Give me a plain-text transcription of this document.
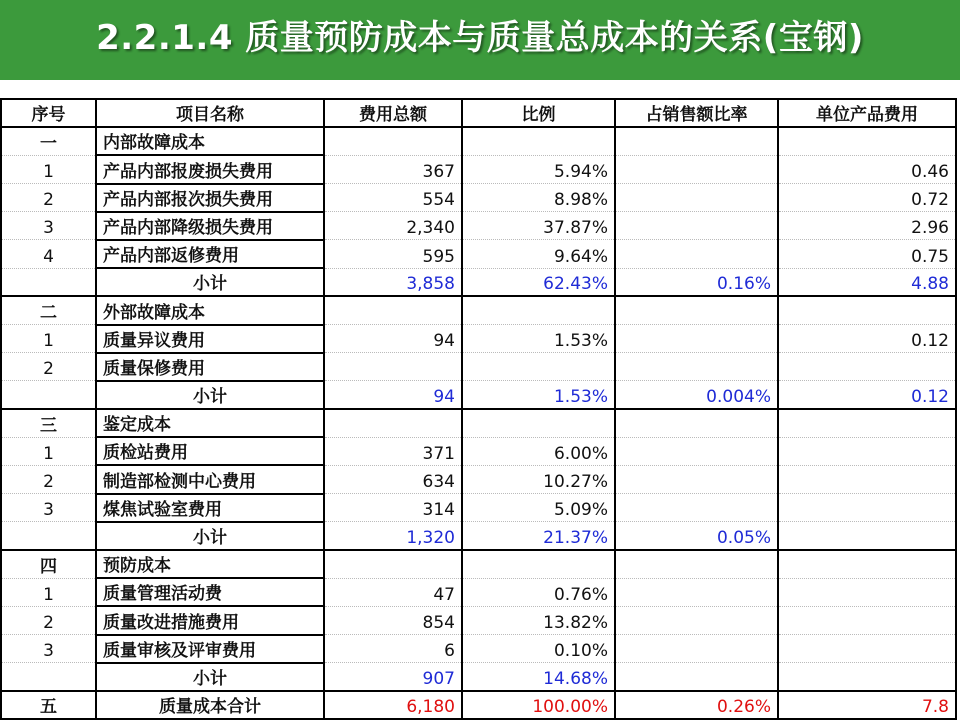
2.2.1.4 质量预防成本与质量总成本的关系(宝钢)
序号	项目名称	费用总额	比例	占销售额比率	单位产品费用
一	内部故障成本				
1	产品内部报废损失费用	367	5.94%		0.46
2	产品内部报次损失费用	554	8.98%		0.72
3	产品内部降级损失费用	2,340	37.87%		2.96
4	产品内部返修费用	595	9.64%		0.75
	小计	3,858	62.43%	0.16%	4.88
二	外部故障成本				
1	质量异议费用	94	1.53%		0.12
2	质量保修费用				
	小计	94	1.53%	0.004%	0.12
三	鉴定成本				
1	质检站费用	371	6.00%		
2	制造部检测中心费用	634	10.27%		
3	煤焦试验室费用	314	5.09%		
	小计	1,320	21.37%	0.05%	
四	预防成本				
1	质量管理活动费	47	0.76%		
2	质量改进措施费用	854	13.82%		
3	质量审核及评审费用	6	0.10%		
	小计	907	14.68%		
五	质量成本合计	6,180	100.00%	0.26%	7.8
